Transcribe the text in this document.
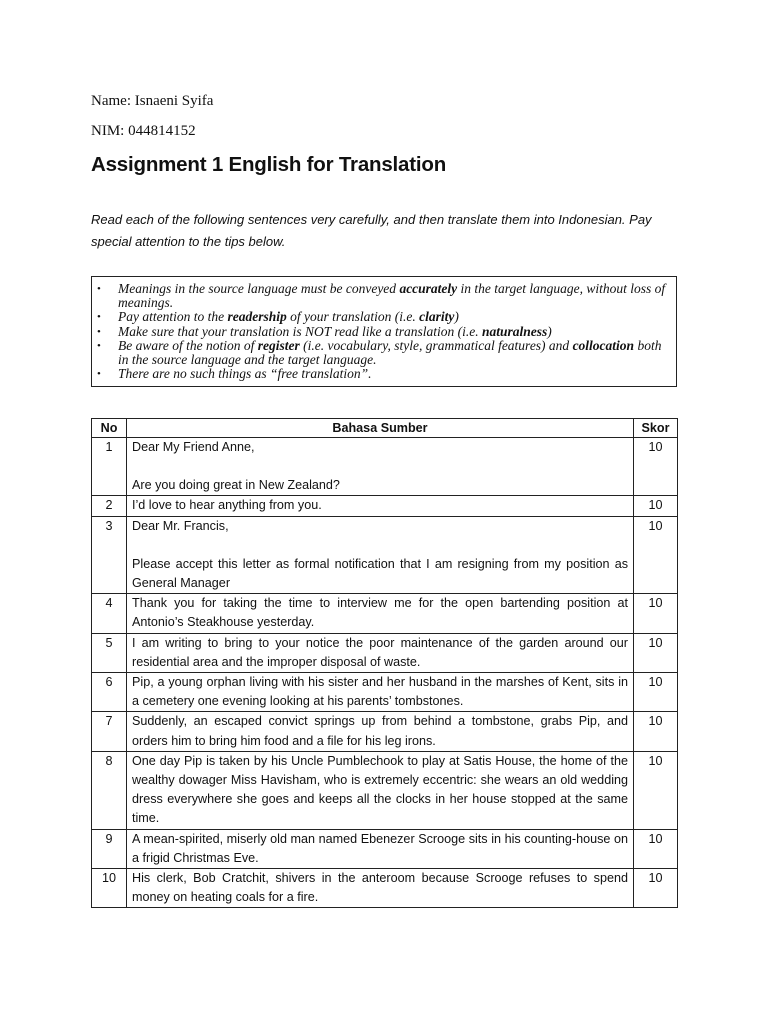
Name: Isnaeni Syifa
NIM: 044814152
Assignment 1 English for Translation

Read each of the following sentences very carefully, and then translate them into Indonesian. Pay special attention to the tips below.

• Meanings in the source language must be conveyed accurately in the target language, without loss of meanings.
• Pay attention to the readership of your translation (i.e. clarity)
• Make sure that your translation is NOT read like a translation (i.e. naturalness)
• Be aware of the notion of register (i.e. vocabulary, style, grammatical features) and collocation both in the source language and the target language.
• There are no such things as “free translation”.
No	Bahasa Sumber	Skor
1	Dear My Friend Anne,
Are you doing great in New Zealand?	10
2	I’d love to hear anything from you.	10
3	Dear Mr. Francis,
Please accept this letter as formal notification that I am resigning from my position as General Manager	10
4	Thank you for taking the time to interview me for the open bartending position at Antonio’s Steakhouse yesterday.	10
5	I am writing to bring to your notice the poor maintenance of the garden around our residential area and the improper disposal of waste.	10
6	Pip, a young orphan living with his sister and her husband in the marshes of Kent, sits in a cemetery one evening looking at his parents’ tombstones.	10
7	Suddenly, an escaped convict springs up from behind a tombstone, grabs Pip, and orders him to bring him food and a file for his leg irons.	10
8	One day Pip is taken by his Uncle Pumblechook to play at Satis House, the home of the wealthy dowager Miss Havisham, who is extremely eccentric: she wears an old wedding dress everywhere she goes and keeps all the clocks in her house stopped at the same time.	10
9	A mean-spirited, miserly old man named Ebenezer Scrooge sits in his counting-house on a frigid Christmas Eve.	10
10	His clerk, Bob Cratchit, shivers in the anteroom because Scrooge refuses to spend money on heating coals for a fire.	10
